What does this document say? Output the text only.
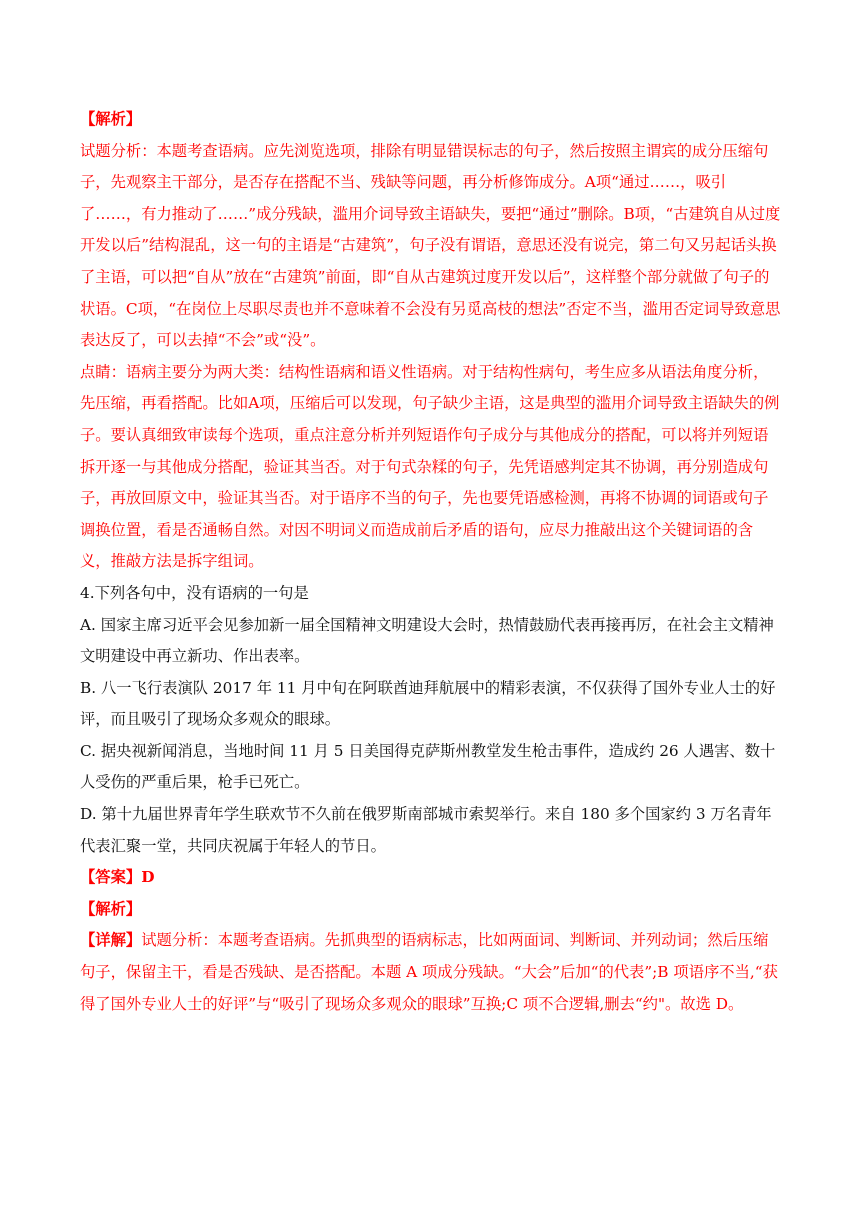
【解析】

试题分析：本题考查语病。应先浏览选项，排除有明显错误标志的句子，然后按照主谓宾的成分压缩句子，先观察主干部分，是否存在搭配不当、残缺等问题，再分析修饰成分。A项“通过……，吸引了……，有力推动了……”成分残缺，滥用介词导致主语缺失，要把“通过”删除。B项，“古建筑自从过度开发以后”结构混乱，这一句的主语是“古建筑”，句子没有谓语，意思还没有说完，第二句又另起话头换了主语，可以把“自从”放在“古建筑”前面，即“自从古建筑过度开发以后”，这样整个部分就做了句子的状语。C项，“在岗位上尽职尽责也并不意味着不会没有另觅高枝的想法”否定不当，滥用否定词导致意思表达反了，可以去掉“不会”或“没”。

点睛：语病主要分为两大类：结构性语病和语义性语病。对于结构性病句，考生应多从语法角度分析，先压缩，再看搭配。比如A项，压缩后可以发现，句子缺少主语，这是典型的滥用介词导致主语缺失的例子。要认真细致审读每个选项，重点注意分析并列短语作句子成分与其他成分的搭配，可以将并列短语拆开逐一与其他成分搭配，验证其当否。对于句式杂糅的句子，先凭语感判定其不协调，再分别造成句子，再放回原文中，验证其当否。对于语序不当的句子，先也要凭语感检测，再将不协调的词语或句子调换位置，看是否通畅自然。对因不明词义而造成前后矛盾的语句，应尽力推敲出这个关键词语的含义，推敲方法是拆字组词。

4.下列各句中，没有语病的一句是

A. 国家主席习近平会见参加新一届全国精神文明建设大会时，热情鼓励代表再接再厉，在社会主文精神文明建设中再立新功、作出表率。

B. 八一飞行表演队 2017 年 11 月中旬在阿联酋迪拜航展中的精彩表演，不仅获得了国外专业人士的好评，而且吸引了现场众多观众的眼球。

C. 据央视新闻消息，当地时间 11 月 5 日美国得克萨斯州教堂发生枪击事件，造成约 26 人遇害、数十人受伤的严重后果，枪手已死亡。

D. 第十九届世界青年学生联欢节不久前在俄罗斯南部城市索契举行。来自 180 多个国家约 3 万名青年代表汇聚一堂，共同庆祝属于年轻人的节日。

【答案】D

【解析】

【详解】试题分析：本题考查语病。先抓典型的语病标志，比如两面词、判断词、并列动词；然后压缩句子，保留主干，看是否残缺、是否搭配。本题 A 项成分残缺。“大会”后加“的代表”;B 项语序不当,“获得了国外专业人士的好评”与“吸引了现场众多观众的眼球”互换;C 项不合逻辑,删去“约"。故选 D。
